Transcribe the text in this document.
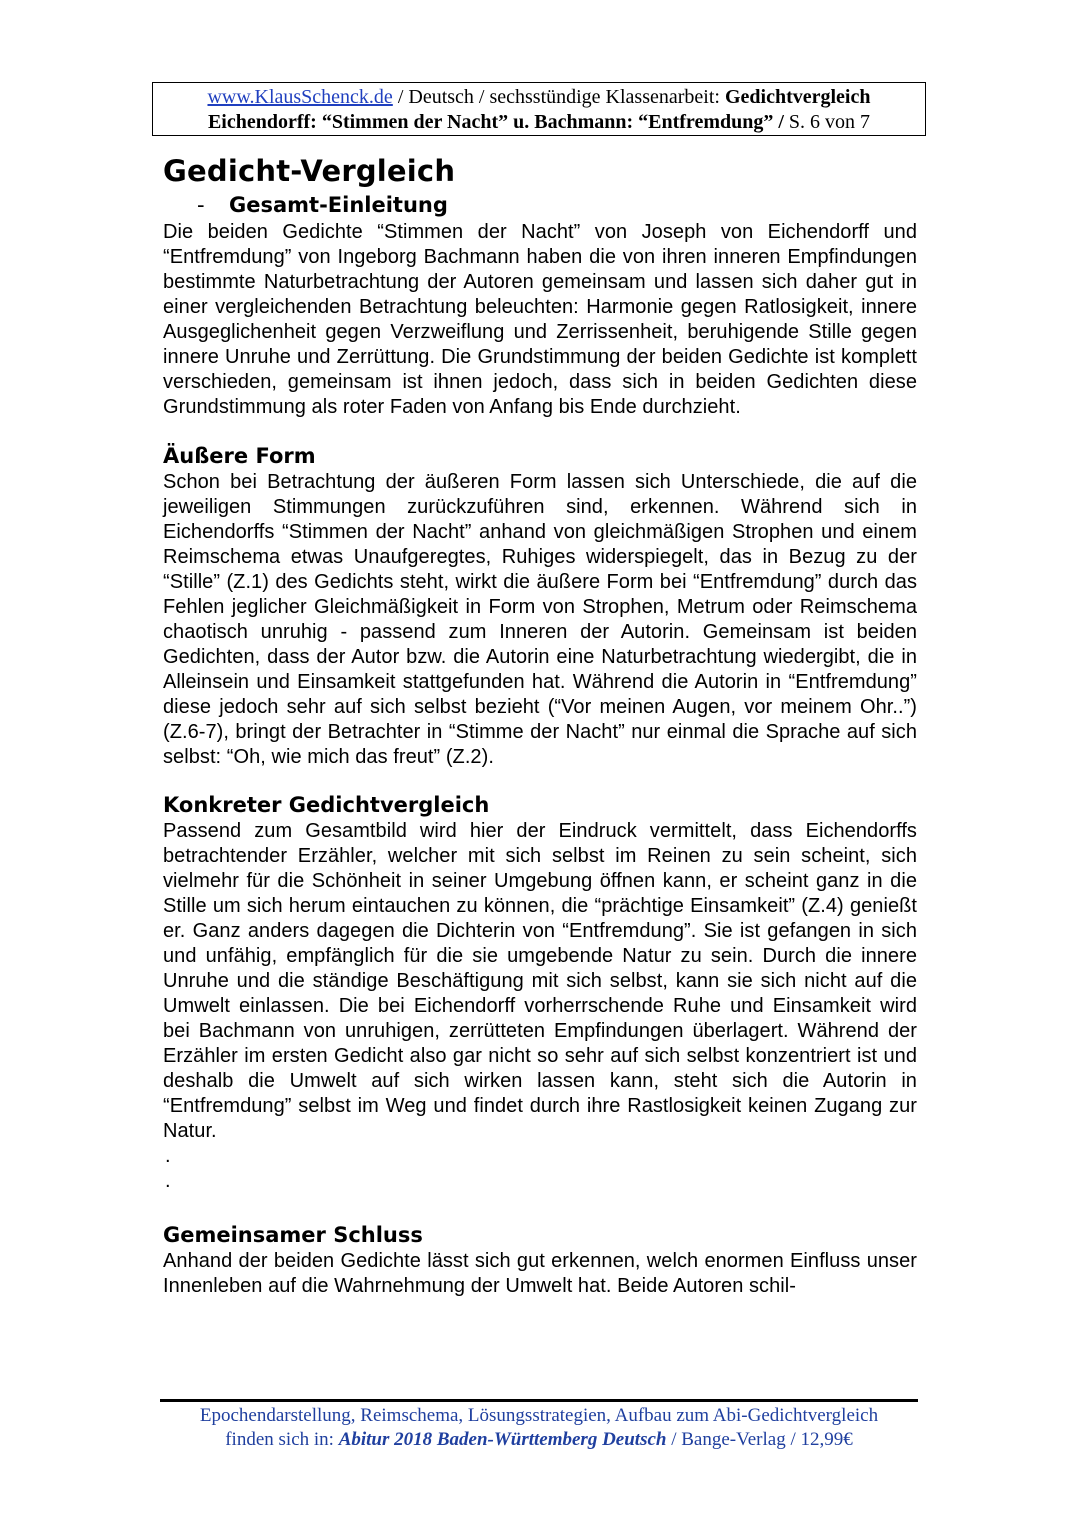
www.KlausSchenck.de / Deutsch / sechsstündige Klassenarbeit: Gedichtvergleich
Eichendorff: “Stimmen der Nacht” u. Bachmann: “Entfremdung” / S. 6 von 7
Gedicht-Vergleich
-	Gesamt-Einleitung

Die beiden Gedichte “Stimmen der Nacht” von Joseph von Eichendorff und “Entfremdung” von Ingeborg Bachmann haben die von ihren inneren Empfindungen bestimmte Naturbetrachtung der Autoren gemeinsam und lassen sich daher gut in einer vergleichenden Betrachtung beleuchten: Harmonie gegen Ratlosigkeit, innere Ausgeglichenheit gegen Verzweiflung und Zerrissenheit, beruhigende Stille gegen innere Unruhe und Zerrüttung. Die Grundstimmung der beiden Gedichte ist komplett verschieden, gemeinsam ist ihnen jedoch, dass sich in beiden Gedichten diese Grundstimmung als roter Faden von Anfang bis Ende durchzieht.

Äußere Form

Schon bei Betrachtung der äußeren Form lassen sich Unterschiede, die auf die jeweiligen Stimmungen zurückzuführen sind, erkennen. Während sich in Eichendorffs “Stimmen der Nacht” anhand von gleichmäßigen Strophen und einem Reimschema etwas Unaufgeregtes, Ruhiges widerspiegelt, das in Bezug zu der “Stille” (Z.1) des Gedichts steht, wirkt die äußere Form bei “Entfremdung” durch das Fehlen jeglicher Gleichmäßigkeit in Form von Strophen, Metrum oder Reimschema chaotisch unruhig - passend zum Inneren der Autorin. Gemeinsam ist beiden Gedichten, dass der Autor bzw. die Autorin eine Naturbetrachtung wiedergibt, die in Alleinsein und Einsamkeit stattgefunden hat. Während die Autorin in “Entfremdung” diese jedoch sehr auf sich selbst bezieht (“Vor meinen Augen, vor meinem Ohr..”) (Z.6-7), bringt der Betrachter in “Stimme der Nacht” nur einmal die Sprache auf sich selbst: “Oh, wie mich das freut” (Z.2).

Konkreter Gedichtvergleich

Passend zum Gesamtbild wird hier der Eindruck vermittelt, dass Eichendorffs betrachtender Erzähler, welcher mit sich selbst im Reinen zu sein scheint, sich vielmehr für die Schönheit in seiner Umgebung öffnen kann, er scheint ganz in die Stille um sich herum eintauchen zu können, die “prächtige Einsamkeit” (Z.4) genießt er. Ganz anders dagegen die Dichterin von “Entfremdung”. Sie ist gefangen in sich und unfähig, empfänglich für die sie umgebende Natur zu sein. Durch die innere Unruhe und die ständige Beschäftigung mit sich selbst, kann sie sich nicht auf die Umwelt einlassen. Die bei Eichendorff vorherrschende Ruhe und Einsamkeit wird bei Bachmann von unruhigen, zerrütteten Empfindungen überlagert. Während der Erzähler im ersten Gedicht also gar nicht so sehr auf sich selbst konzentriert ist und deshalb die Umwelt auf sich wirken lassen kann, steht sich die Autorin in “Entfremdung” selbst im Weg und findet durch ihre Rastlosigkeit keinen Zugang zur Natur.

.
.
Gemeinsamer Schluss

Anhand der beiden Gedichte lässt sich gut erkennen, welch enormen Einfluss unser Innenleben auf die Wahrnehmung der Umwelt hat. Beide Autoren schil-

Epochendarstellung, Reimschema, Lösungsstrategien, Aufbau zum Abi-Gedichtvergleich
finden sich in: Abitur 2018 Baden-Württemberg Deutsch / Bange-Verlag / 12,99€
